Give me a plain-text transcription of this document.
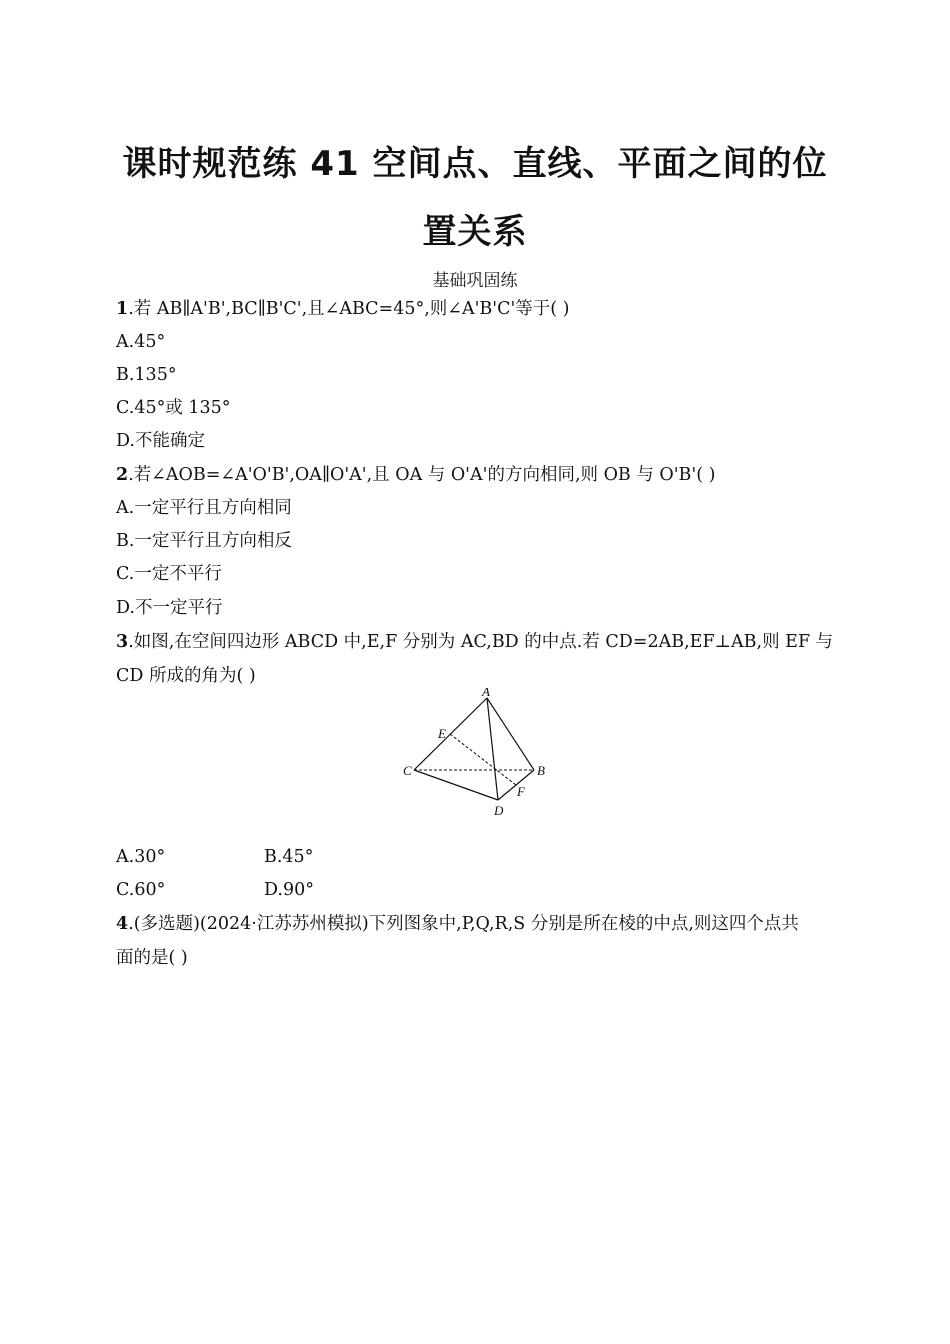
课时规范练 41 空间点、直线、平面之间的位
置关系
基础巩固练
1.若 AB∥A'B',BC∥B'C',且∠ABC=45°,则∠A'B'C'等于( )
A.45°
B.135°
C.45°或 135°
D.不能确定
2.若∠AOB=∠A'O'B',OA∥O'A',且 OA 与 O'A'的方向相同,则 OB 与 O'B'( )
A.一定平行且方向相同
B.一定平行且方向相反
C.一定不平行
D.不一定平行
3.如图,在空间四边形 ABCD 中,E,F 分别为 AC,BD 的中点.若 CD=2AB,EF⊥AB,则 EF 与
CD 所成的角为( )
A
E
C	B
F
D
A.30°	B.45°
C.60°	D.90°
4.(多选题)(2024·江苏苏州模拟)下列图象中,P,Q,R,S 分别是所在棱的中点,则这四个点共
面的是( )
